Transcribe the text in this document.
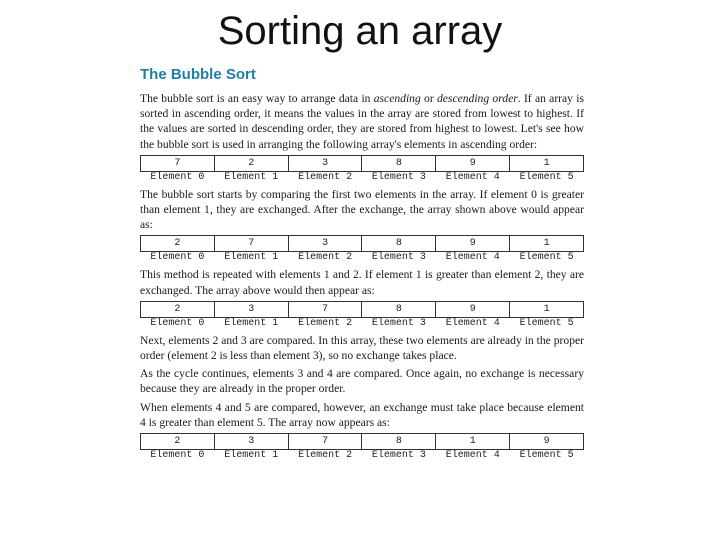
Sorting an array
The Bubble Sort

The bubble sort is an easy way to arrange data in ascending or descending order. If an array is sorted in ascending order, it means the values in the array are stored from lowest to highest. If the values are sorted in descending order, they are stored from highest to lowest. Let's see how the bubble sort is used in arranging the following array's elements in ascending order:

7	2	3	8	9	1
Element 0	Element 1	Element 2	Element 3	Element 4	Element 5

The bubble sort starts by comparing the first two elements in the array. If element 0 is greater than element 1, they are exchanged. After the exchange, the array shown above would appear as:

2	7	3	8	9	1
Element 0	Element 1	Element 2	Element 3	Element 4	Element 5

This method is repeated with elements 1 and 2. If element 1 is greater than element 2, they are exchanged. The array above would then appear as:

2	3	7	8	9	1
Element 0	Element 1	Element 2	Element 3	Element 4	Element 5

Next, elements 2 and 3 are compared. In this array, these two elements are already in the proper order (element 2 is less than element 3), so no exchange takes place.

As the cycle continues, elements 3 and 4 are compared. Once again, no exchange is necessary because they are already in the proper order.

When elements 4 and 5 are compared, however, an exchange must take place because element 4 is greater than element 5. The array now appears as:

2	3	7	8	1	9
Element 0	Element 1	Element 2	Element 3	Element 4	Element 5
